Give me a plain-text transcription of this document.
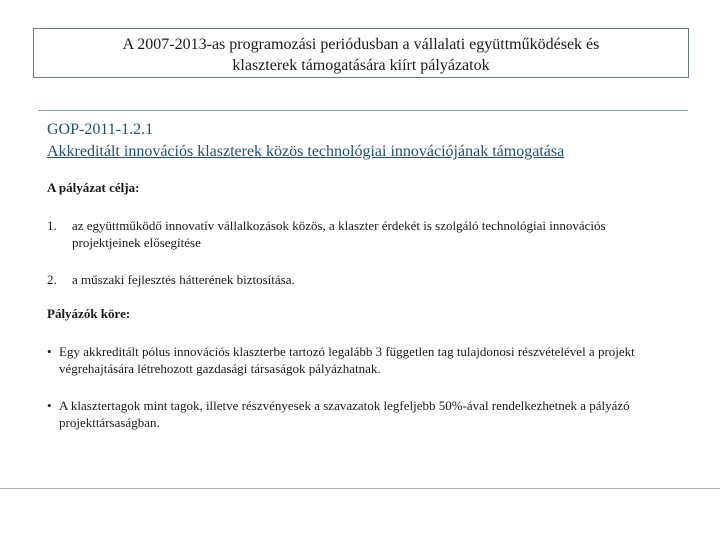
A 2007-2013-as programozási periódusban a vállalati együttműködések és
klaszterek támogatására kiírt pályázatok
GOP-2011-1.2.1
Akkreditált innovációs klaszterek közös technológiai innovációjának támogatása
A pályázat célja:
1. az együttműködő innovatív vállalkozások közös, a klaszter érdekét is szolgáló technológiai innovációs projektjeinek elősegítése
2. a műszaki fejlesztés hátterének biztosítása.
Pályázók köre:
• Egy akkreditált pólus innovációs klaszterbe tartozó legalább 3 független tag tulajdonosi részvételével a projekt végrehajtására létrehozott gazdasági társaságok pályázhatnak.
• A klasztertagok mint tagok, illetve részvényesek a szavazatok legfeljebb 50%-ával rendelkezhetnek a pályázó projekttársaságban.
